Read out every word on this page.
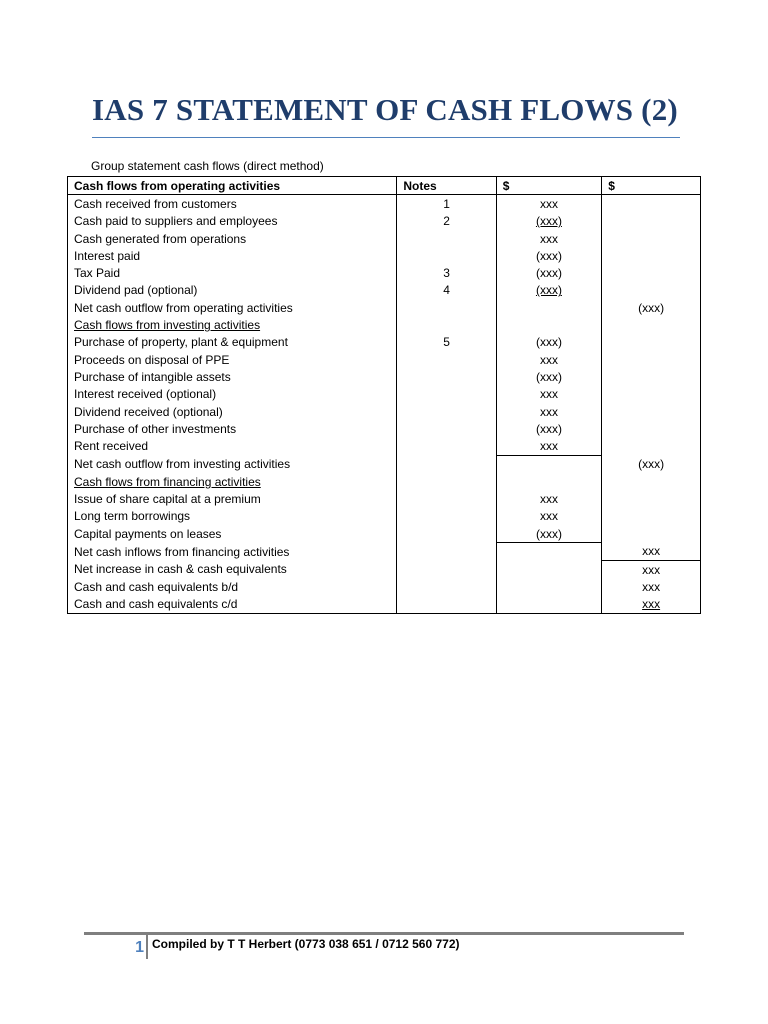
IAS 7 STATEMENT OF CASH FLOWS (2)
Group statement cash flows (direct method)
Cash flows from operating activities	Notes	$	$
Cash received from customers	1	xxx	
Cash paid to suppliers and employees	2	(xxx)	
Cash generated from operations		xxx	
Interest paid		(xxx)	
Tax Paid	3	(xxx)	
Dividend pad (optional)	4	(xxx)	
Net cash outflow from operating activities			(xxx)
Cash flows from investing activities			
Purchase of property, plant & equipment	5	(xxx)	
Proceeds on disposal of PPE		xxx	
Purchase of intangible assets		(xxx)	
Interest received (optional)		xxx	
Dividend received (optional)		xxx	
Purchase of other investments		(xxx)	
Rent received		xxx	
Net cash outflow from investing activities			(xxx)
Cash flows from financing activities			
Issue of share capital at a premium		xxx	
Long term borrowings		xxx	
Capital payments on leases		(xxx)	
Net cash inflows from financing activities			xxx
Net increase in cash & cash equivalents			xxx
Cash and cash equivalents b/d			xxx
Cash and cash equivalents c/d			xxx
1 Compiled by T T Herbert (0773 038 651 / 0712 560 772)
